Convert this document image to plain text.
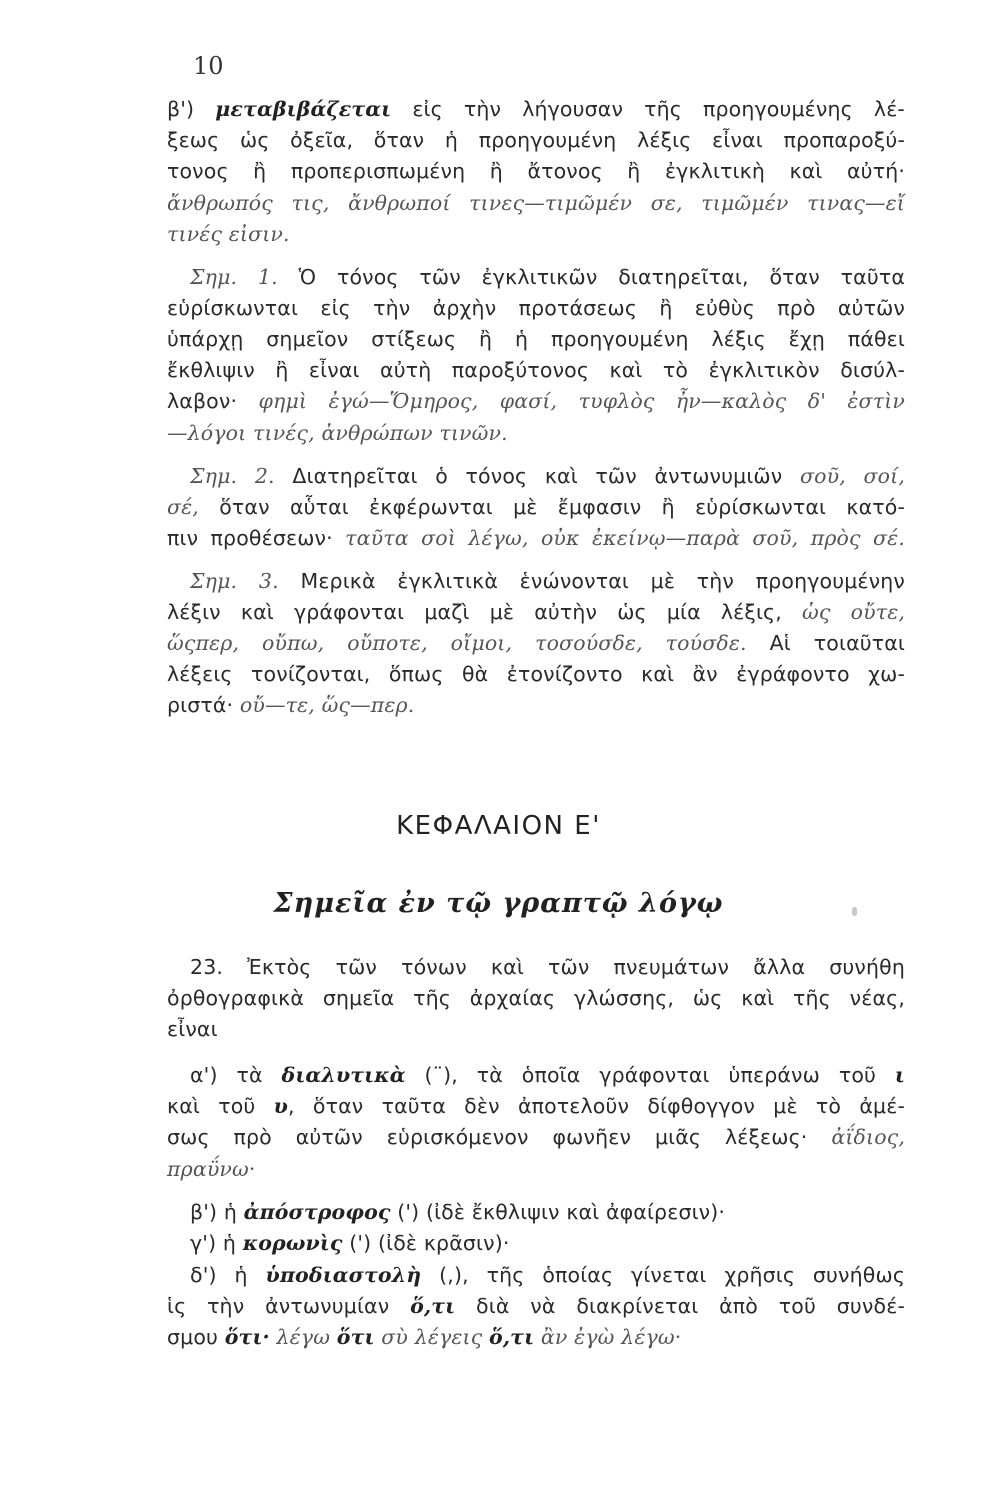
10
β') μεταβιβάζεται εἰς τὴν λήγουσαν τῆς προηγουμένης λέ-
ξεως ὡς ὀξεῖα, ὅταν ἡ προηγουμένη λέξις εἶναι προπαροξύ-
τονος ἢ προπερισπωμένη ἢ ἄτονος ἢ ἐγκλιτικὴ καὶ αὐτή·
ἄνθρωπός τις, ἄνθρωποί τινες—τιμῶμέν σε, τιμῶμέν τινας—εἴ
τινές εἰσιν.
Σημ. 1. Ὁ τόνος τῶν ἐγκλιτικῶν διατηρεῖται, ὅταν ταῦτα
εὑρίσκωνται εἰς τὴν ἀρχὴν προτάσεως ἢ εὐθὺς πρὸ αὐτῶν
ὑπάρχῃ σημεῖον στίξεως ἢ ἡ προηγουμένη λέξις ἔχῃ πάθει
ἔκθλιψιν ἢ εἶναι αὐτὴ παροξύτονος καὶ τὸ ἐγκλιτικὸν δισύλ-
λαβον· φημὶ ἐγώ—Ὅμηρος, φασί, τυφλὸς ἦν—καλὸς δ' ἐστὶν
—λόγοι τινές, ἀνθρώπων τινῶν.
Σημ. 2. Διατηρεῖται ὁ τόνος καὶ τῶν ἀντωνυμιῶν σοῦ, σοί,
σέ, ὅταν αὗται ἐκφέρωνται μὲ ἔμφασιν ἢ εὑρίσκωνται κατό-
πιν προθέσεων· ταῦτα σοὶ λέγω, οὐκ ἐκείνῳ—παρὰ σοῦ, πρὸς σέ.
Σημ. 3. Μερικὰ ἐγκλιτικὰ ἑνώνονται μὲ τὴν προηγουμένην
λέξιν καὶ γράφονται μαζὶ μὲ αὐτὴν ὡς μία λέξις, ὡς οὔτε,
ὥςπερ, οὔπω, οὔποτε, οἴμοι, τοσούσδε, τούσδε. Αἱ τοιαῦται
λέξεις τονίζονται, ὅπως θὰ ἐτονίζοντο καὶ ἂν ἐγράφοντο χω-
ριστά· οὔ—τε, ὥς—περ.
ΚΕΦΑΛΑΙΟΝ Ε'
Σημεῖα ἐν τῷ γραπτῷ λόγῳ
23. Ἐκτὸς τῶν τόνων καὶ τῶν πνευμάτων ἄλλα συνήθη
ὀρθογραφικὰ σημεῖα τῆς ἀρχαίας γλώσσης, ὡς καὶ τῆς νέας,
εἶναι
α') τὰ διαλυτικὰ (¨), τὰ ὁποῖα γράφονται ὑπεράνω τοῦ ι
καὶ τοῦ υ, ὅταν ταῦτα δὲν ἀποτελοῦν δίφθογγον μὲ τὸ ἀμέ-
σως πρὸ αὐτῶν εὑρισκόμενον φωνῆεν μιᾶς λέξεως· ἀΐδιος,
πραΰνω·
β') ἡ ἀπόστροφος (') (ἰδὲ ἔκθλιψιν καὶ ἀφαίρεσιν)·
γ') ἡ κορωνὶς (') (ἰδὲ κρᾶσιν)·
δ') ἡ ὑποδιαστολὴ (,), τῆς ὁποίας γίνεται χρῆσις συνήθως
ἱς τὴν ἀντωνυμίαν ὅ,τι διὰ νὰ διακρίνεται ἀπὸ τοῦ συνδέ-
σμου ὅτι· λέγω ὅτι σὺ λέγεις ὅ,τι ἂν ἐγὼ λέγω·
